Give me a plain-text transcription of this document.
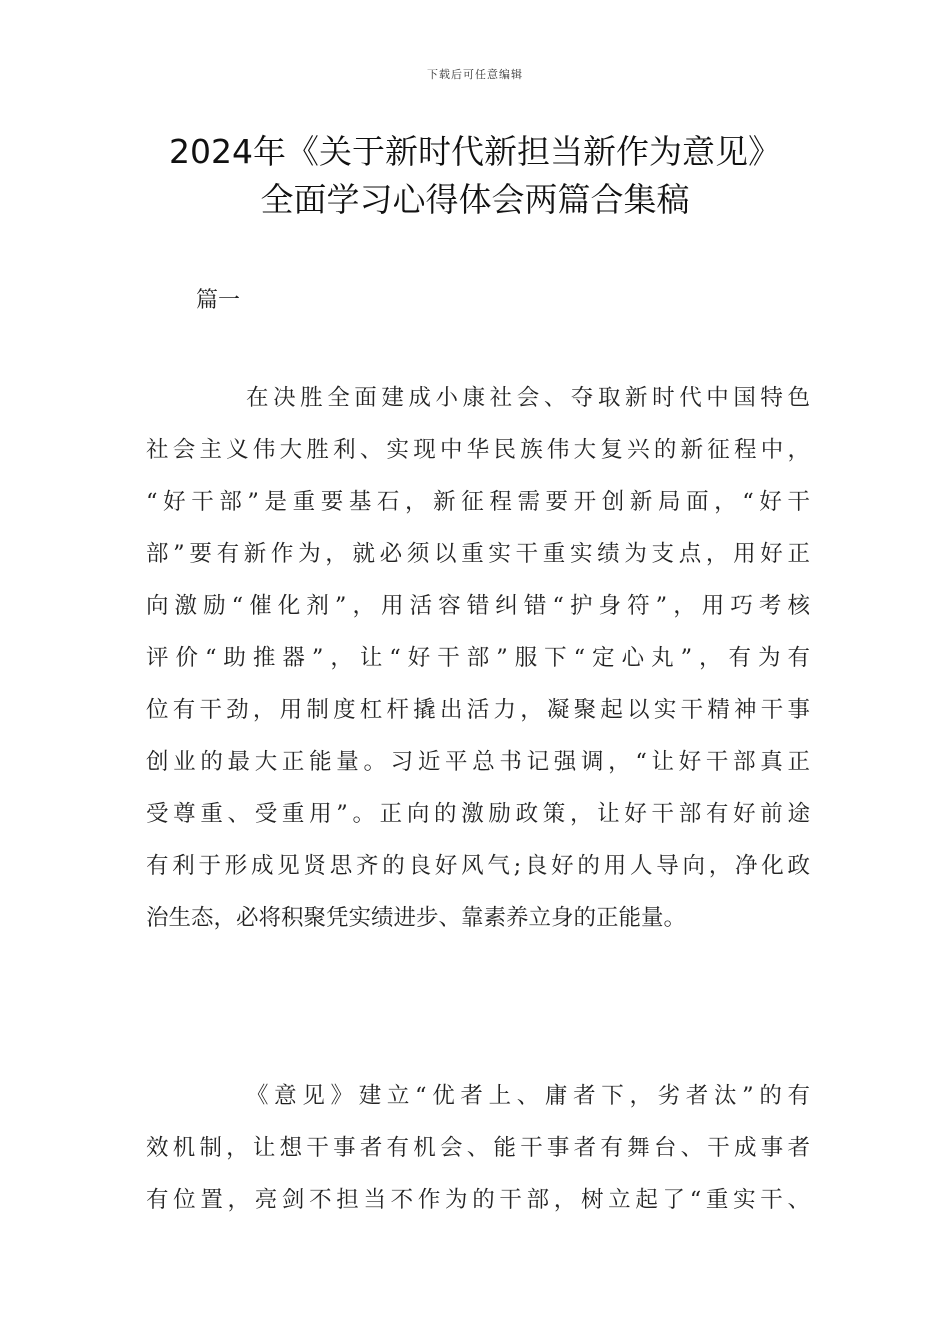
下载后可任意编辑
2024年《关于新时代新担当新作为意见》
全面学习心得体会两篇合集稿
篇一
在决胜全面建成小康社会、夺取新时代中国特色
社会主义伟大胜利、实现中华民族伟大复兴的新征程中，
“好干部”是重要基石，新征程需要开创新局面，“好干
部”要有新作为，就必须以重实干重实绩为支点，用好正
向激励“催化剂”，用活容错纠错“护身符”，用巧考核
评价“助推器”，让“好干部”服下“定心丸”，有为有
位有干劲，用制度杠杆撬出活力，凝聚起以实干精神干事
创业的最大正能量。习近平总书记强调，“让好干部真正
受尊重、受重用”。正向的激励政策，让好干部有好前途
有利于形成见贤思齐的良好风气;良好的用人导向，净化政
治生态，必将积聚凭实绩进步、靠素养立身的正能量。
《意见》建立“优者上、庸者下，劣者汰”的有
效机制，让想干事者有机会、能干事者有舞台、干成事者
有位置，亮剑不担当不作为的干部，树立起了“重实干、
